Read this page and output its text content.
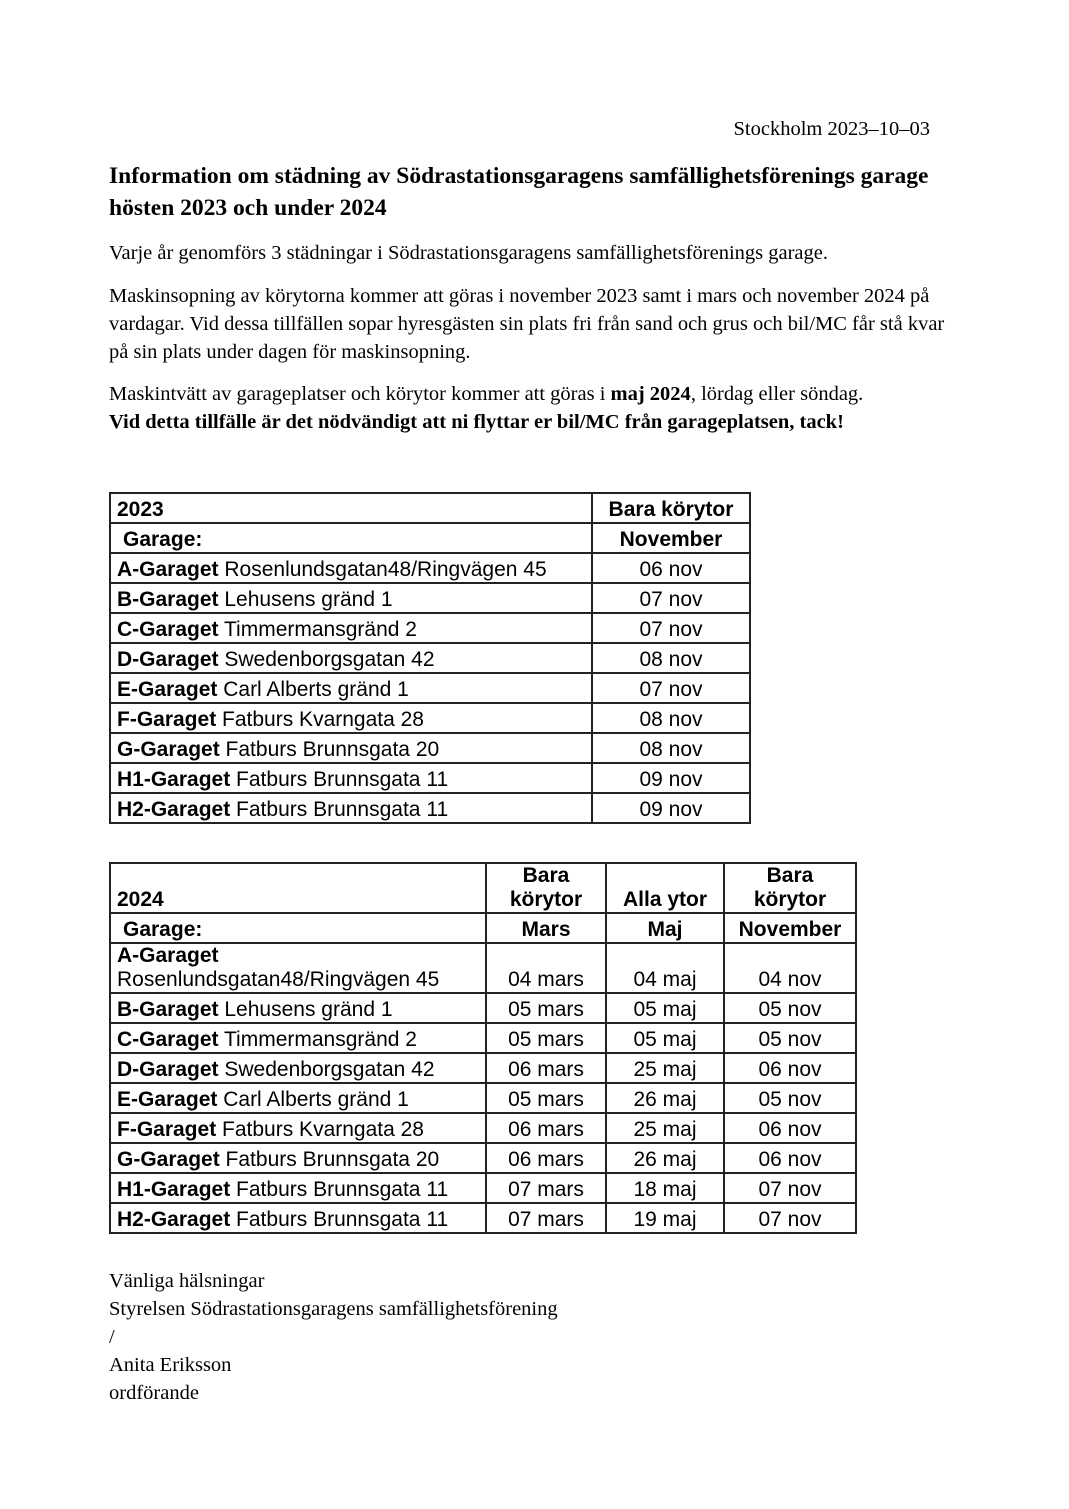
Stockholm 2023–10–03
Information om städning av Södrastationsgaragens samfällighetsförenings garage hösten 2023 och under 2024

Varje år genomförs 3 städningar i Södrastationsgaragens samfällighetsförenings garage.

Maskinsopning av körytorna kommer att göras i november 2023 samt i mars och november 2024 på vardagar. Vid dessa tillfällen sopar hyresgästen sin plats fri från sand och grus och bil/MC får stå kvar på sin plats under dagen för maskinsopning.

Maskintvätt av garageplatser och körytor kommer att göras i maj 2024, lördag eller söndag.
Vid detta tillfälle är det nödvändigt att ni flyttar er bil/MC från garageplatsen, tack!

2023	Bara körytor
Garage:	November
A-Garaget Rosenlundsgatan48/Ringvägen 45	06 nov
B-Garaget Lehusens gränd 1	07 nov
C-Garaget Timmermansgränd 2	07 nov
D-Garaget Swedenborgsgatan 42	08 nov
E-Garaget Carl Alberts gränd 1	07 nov
F-Garaget Fatburs Kvarngata 28	08 nov
G-Garaget Fatburs Brunnsgata 20	08 nov
H1-Garaget Fatburs Brunnsgata 11	09 nov
H2-Garaget Fatburs Brunnsgata 11	09 nov
2024	Bara körytor	Alla ytor	Bara körytor
Garage:	Mars	Maj	November
A-Garaget
Rosenlundsgatan48/Ringvägen 45	04 mars	04 maj	04 nov
B-Garaget Lehusens gränd 1	05 mars	05 maj	05 nov
C-Garaget Timmermansgränd 2	05 mars	05 maj	05 nov
D-Garaget Swedenborgsgatan 42	06 mars	25 maj	06 nov
E-Garaget Carl Alberts gränd 1	05 mars	26 maj	05 nov
F-Garaget Fatburs Kvarngata 28	06 mars	25 maj	06 nov
G-Garaget Fatburs Brunnsgata 20	06 mars	26 maj	06 nov
H1-Garaget Fatburs Brunnsgata 11	07 mars	18 maj	07 nov
H2-Garaget Fatburs Brunnsgata 11	07 mars	19 maj	07 nov
Vänliga hälsningar
Styrelsen Södrastationsgaragens samfällighetsförening
/
Anita Eriksson
ordförande
